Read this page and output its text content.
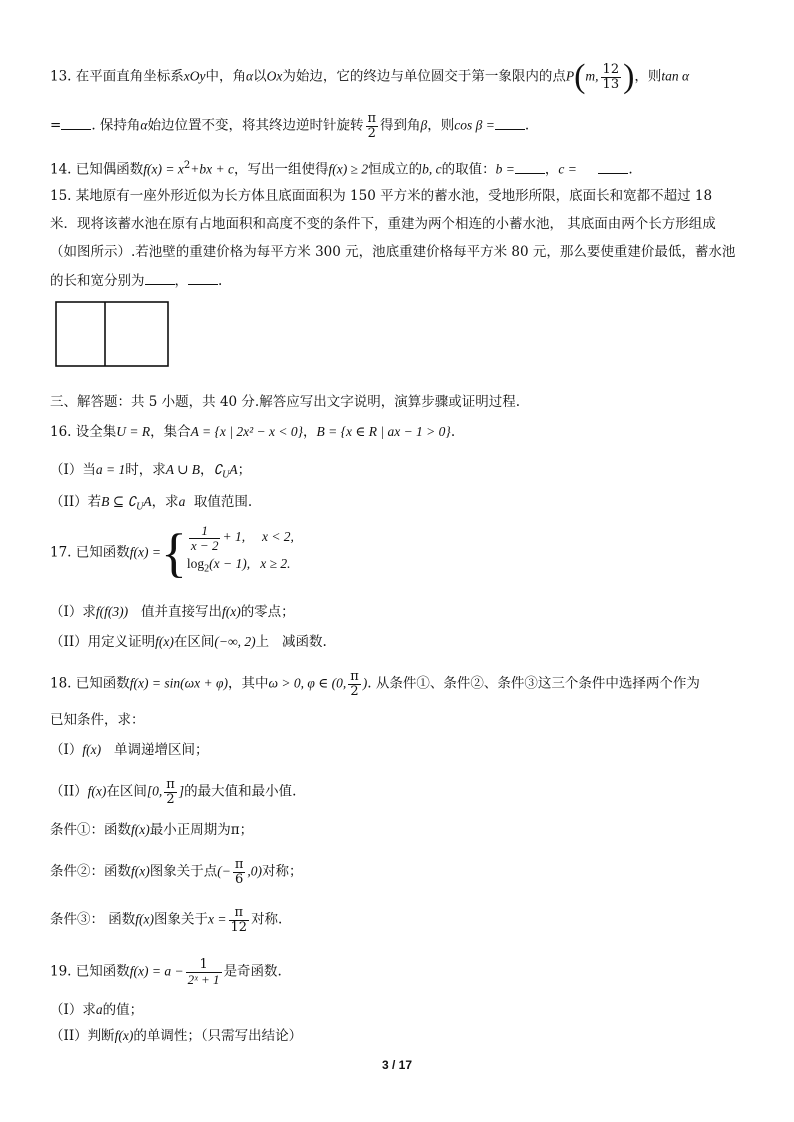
13. 在平面直角坐标系xOy中，角α以Ox为始边，它的终边与单位圆交于第一象限内的点P(m, $\frac{12}{13}$ )，则tan α
= . 保持角α始边位置不变，将其终边逆时针旋转 $\frac{\pi}{2}$ 得到角β，则cos β = .
14. 已知偶函数$f(x) = x^2+bx + c$，写出一组使得f(x) ≥ 2恒成立的b, c的取值：b = ，c =	.
15. 某地原有一座外形近似为长方体且底面面积为 150 平方米的蓄水池，受地形所限，底面长和宽都不超过 18
米．现将该蓄水池在原有占地面积和高度不变的条件下，重建为两个相连的小蓄水池， 其底面由两个长方形组成
（如图所示）.若池壁的重建价格为每平方米 300 元，池底重建价格每平方米 80 元，那么要使重建价最低，蓄水池
的长和宽分别为 ， .
三、解答题：共 5 小题，共 40 分.解答应写出文字说明，演算步骤或证明过程.
16. 设全集U = R，集合A = {x | 2x² − x < 0}，B = {x ∈ R | ax − 1 > 0}.
（I）当a = 1时，求A ∪ B，$∁_UA$；
（II）若B ⊆ $∁_UA$，求a 取值范围.
17. 已知函数f(x) ={ $\frac{1}{x - 2} + 1$, x < 2,
$\log_2(x - 1)$, x ≥ 2.
（I）求f(f(3)) 值并直接写出f(x)的零点；
（II）用定义证明f(x)在区间(−∞, 2)上 减函数.
18. 已知函数f(x) = sin(ωx + φ)，其中ω > 0, φ ∈ (0, $\frac{\pi}{2}$ ). 从条件①、条件②、条件③这三个条件中选择两个作为
已知条件，求：
（I）f(x) 单调递增区间；
（II）f(x)在区间[0, $\frac{\pi}{2}$ ]的最大值和最小值.
条件①：函数f(x)最小正周期为π；
条件②：函数f(x)图象关于点(− $\frac{\pi}{6} ,0$)对称；
条件③： 函数f(x)图象关于$x = \frac{\pi}{12}$ 对称.
19. 已知函数$f(x) = a - \frac{1}{\text{2ˣ + 1}}$ 是奇函数.
（I）求a的值；
（II）判断f(x)的单调性；（只需写出结论）
3 / 17
